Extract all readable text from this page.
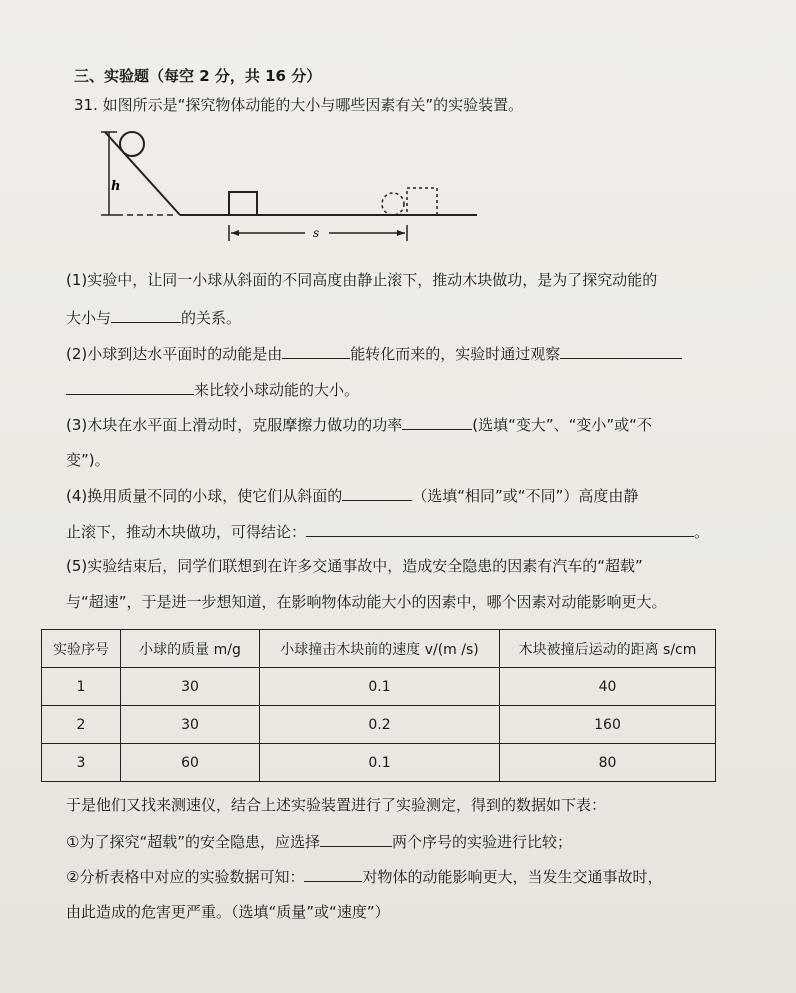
三、实验题（每空 2 分，共 16 分）
31. 如图所示是“探究物体动能的大小与哪些因素有关”的实验装置。
h
s
(1)实验中，让同一小球从斜面的不同高度由静止滚下，推动木块做功，是为了探究动能的
大小与	的关系。
(2)小球到达水平面时的动能是由	能转化而来的，实验时通过观察
来比较小球动能的大小。
(3)木块在水平面上滑动时，克服摩擦力做功的功率	(选填“变大”、“变小”或“不
变”)。
(4)换用质量不同的小球，使它们从斜面的	（选填“相同”或“不同”）高度由静
止滚下，推动木块做功，可得结论：	。
(5)实验结束后，同学们联想到在许多交通事故中，造成安全隐患的因素有汽车的“超载”
与“超速”，于是进一步想知道，在影响物体动能大小的因素中，哪个因素对动能影响更大。
实验序号	小球的质量 m/g	小球撞击木块前的速度 v/(m /s)	木块被撞后运动的距离 s/cm
1	30	0.1	40
2	30	0.2	160
3	60	0.1	80
于是他们又找来测速仪，结合上述实验装置进行了实验测定，得到的数据如下表：
①为了探究“超载”的安全隐患，应选择	两个序号的实验进行比较；
②分析表格中对应的实验数据可知：	对物体的动能影响更大，当发生交通事故时，
由此造成的危害更严重。（选填“质量”或“速度”）
